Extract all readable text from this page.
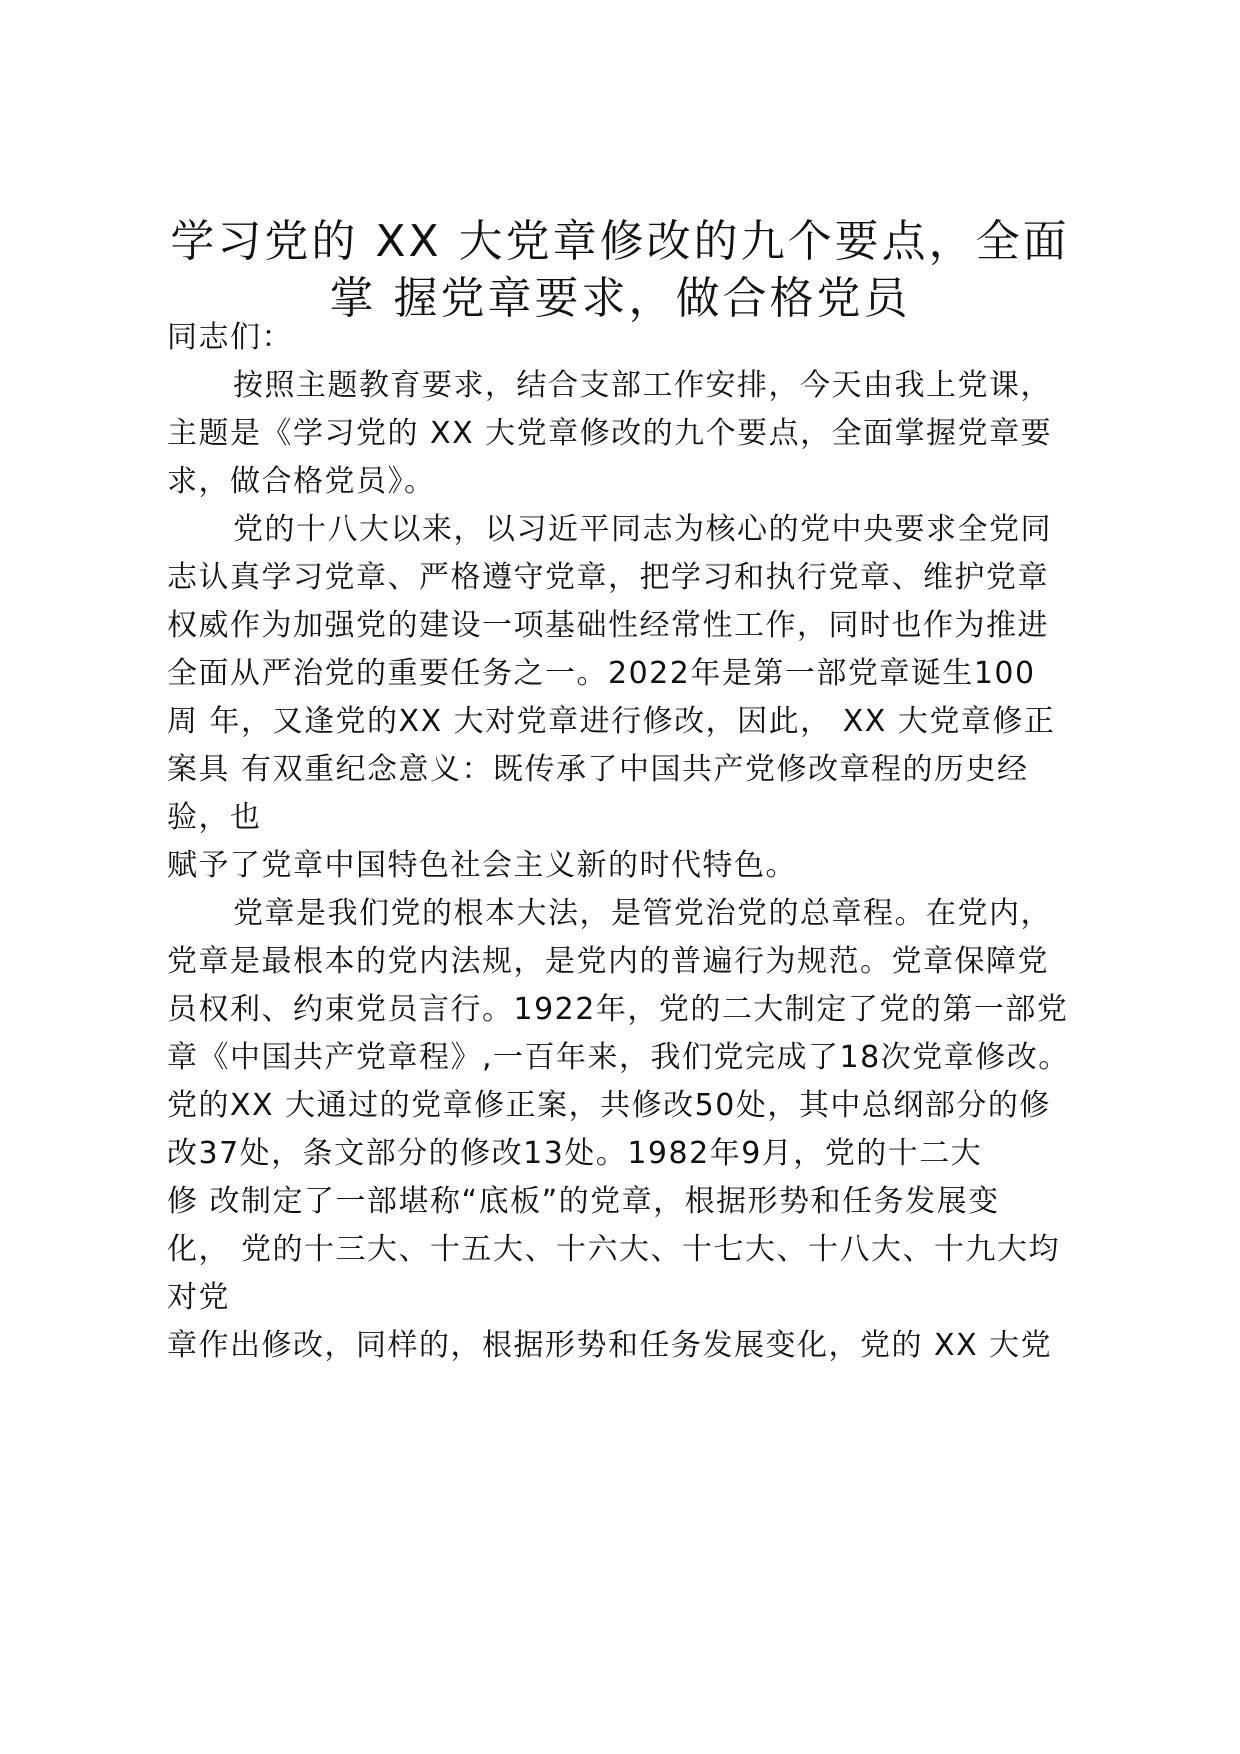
学习党的 XX 大党章修改的九个要点，全面
掌 握党章要求，做合格党员
同志们：
按照主题教育要求，结合支部工作安排，今天由我上党课，
主题是《学习党的 XX 大党章修改的九个要点，全面掌握党章要
求，做合格党员》。
党的十八大以来，以习近平同志为核心的党中央要求全党同
志认真学习党章、严格遵守党章，把学习和执行党章、维护党章
权威作为加强党的建设一项基础性经常性工作，同时也作为推进
全面从严治党的重要任务之一。2022年是第一部党章诞生100
周 年，又逢党的XX 大对党章进行修改，因此， XX 大党章修正
案具 有双重纪念意义：既传承了中国共产党修改章程的历史经
验，也
赋予了党章中国特色社会主义新的时代特色。
党章是我们党的根本大法，是管党治党的总章程。在党内，
党章是最根本的党内法规，是党内的普遍行为规范。党章保障党
员权利、约束党员言行。1922年，党的二大制定了党的第一部党
章《中国共产党章程》,一百年来，我们党完成了18次党章修改。
党的XX 大通过的党章修正案，共修改50处，其中总纲部分的修
改37处，条文部分的修改13处。1982年9月，党的十二大
修 改制定了一部堪称“底板”的党章，根据形势和任务发展变
化， 党的十三大、十五大、十六大、十七大、十八大、十九大均
对党
章作出修改，同样的，根据形势和任务发展变化，党的 XX 大党
